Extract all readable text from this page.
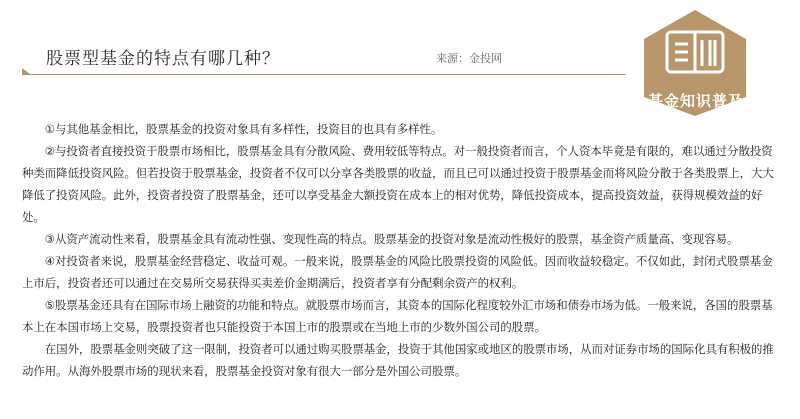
股票型基金的特点有哪几种？	来源：金投网
基金知识普及

①与其他基金相比，股票基金的投资对象具有多样性，投资目的也具有多样性。

②与投资者直接投资于股票市场相比，股票基金具有分散风险、费用较低等特点。对一般投资者而言，个人资本毕竟是有限的，难以通过分散投资种类而降低投资风险。但若投资于股票基金，投资者不仅可以分享各类股票的收益，而且已可以通过投资于股票基金而将风险分散于各类股票上，大大降低了投资风险。此外，投资者投资了股票基金，还可以享受基金大额投资在成本上的相对优势，降低投资成本，提高投资效益，获得规模效益的好处。

③从资产流动性来看，股票基金具有流动性强、变现性高的特点。股票基金的投资对象是流动性极好的股票，基金资产质量高、变现容易。

④对投资者来说，股票基金经营稳定、收益可观。一般来说，股票基金的风险比股票投资的风险低。因而收益较稳定。不仅如此，封闭式股票基金上市后，投资者还可以通过在交易所交易获得买卖差价金期满后，投资者享有分配剩余资产的权利。

⑤股票基金还具有在国际市场上融资的功能和特点。就股票市场而言，其资本的国际化程度较外汇市场和债券市场为低。一般来说，各国的股票基本上在本国市场上交易，股票投资者也只能投资于本国上市的股票或在当地上市的少数外国公司的股票。

在国外，股票基金则突破了这一限制，投资者可以通过购买股票基金，投资于其他国家或地区的股票市场，从而对证券市场的国际化具有积极的推动作用。从海外股票市场的现状来看，股票基金投资对象有很大一部分是外国公司股票。
